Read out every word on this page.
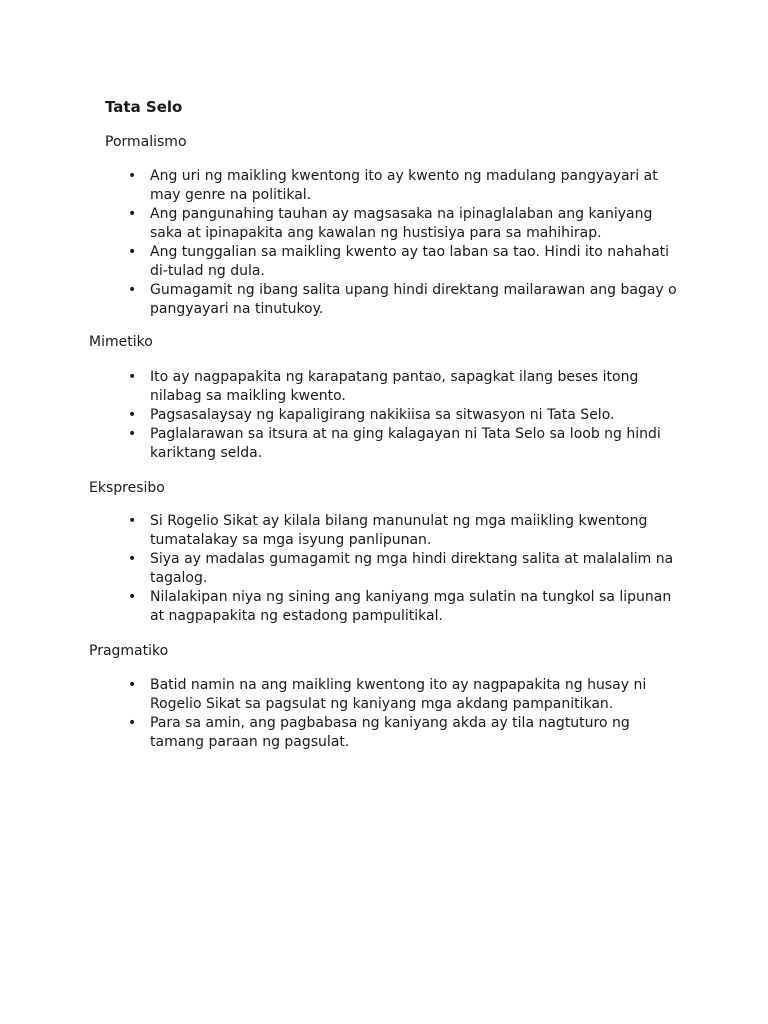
Tata Selo
Pormalismo
• Ang uri ng maikling kwentong ito ay kwento ng madulang pangyayari at may genre na politikal.
• Ang pangunahing tauhan ay magsasaka na ipinaglalaban ang kaniyang saka at ipinapakita ang kawalan ng hustisiya para sa mahihirap.
• Ang tunggalian sa maikling kwento ay tao laban sa tao. Hindi ito nahahati di-tulad ng dula.
• Gumagamit ng ibang salita upang hindi direktang mailarawan ang bagay o pangyayari na tinutukoy.
Mimetiko
• Ito ay nagpapakita ng karapatang pantao, sapagkat ilang beses itong nilabag sa maikling kwento.
• Pagsasalaysay ng kapaligirang nakikiisa sa sitwasyon ni Tata Selo.
• Paglalarawan sa itsura at na ging kalagayan ni Tata Selo sa loob ng hindi kariktang selda.
Ekspresibo
• Si Rogelio Sikat ay kilala bilang manunulat ng mga maiikling kwentong tumatalakay sa mga isyung panlipunan.
• Siya ay madalas gumagamit ng mga hindi direktang salita at malalalim na tagalog.
• Nilalakipan niya ng sining ang kaniyang mga sulatin na tungkol sa lipunan at nagpapakita ng estadong pampulitikal.
Pragmatiko
• Batid namin na ang maikling kwentong ito ay nagpapakita ng husay ni Rogelio Sikat sa pagsulat ng kaniyang mga akdang pampanitikan.
• Para sa amin, ang pagbabasa ng kaniyang akda ay tila nagtuturo ng tamang paraan ng pagsulat.
